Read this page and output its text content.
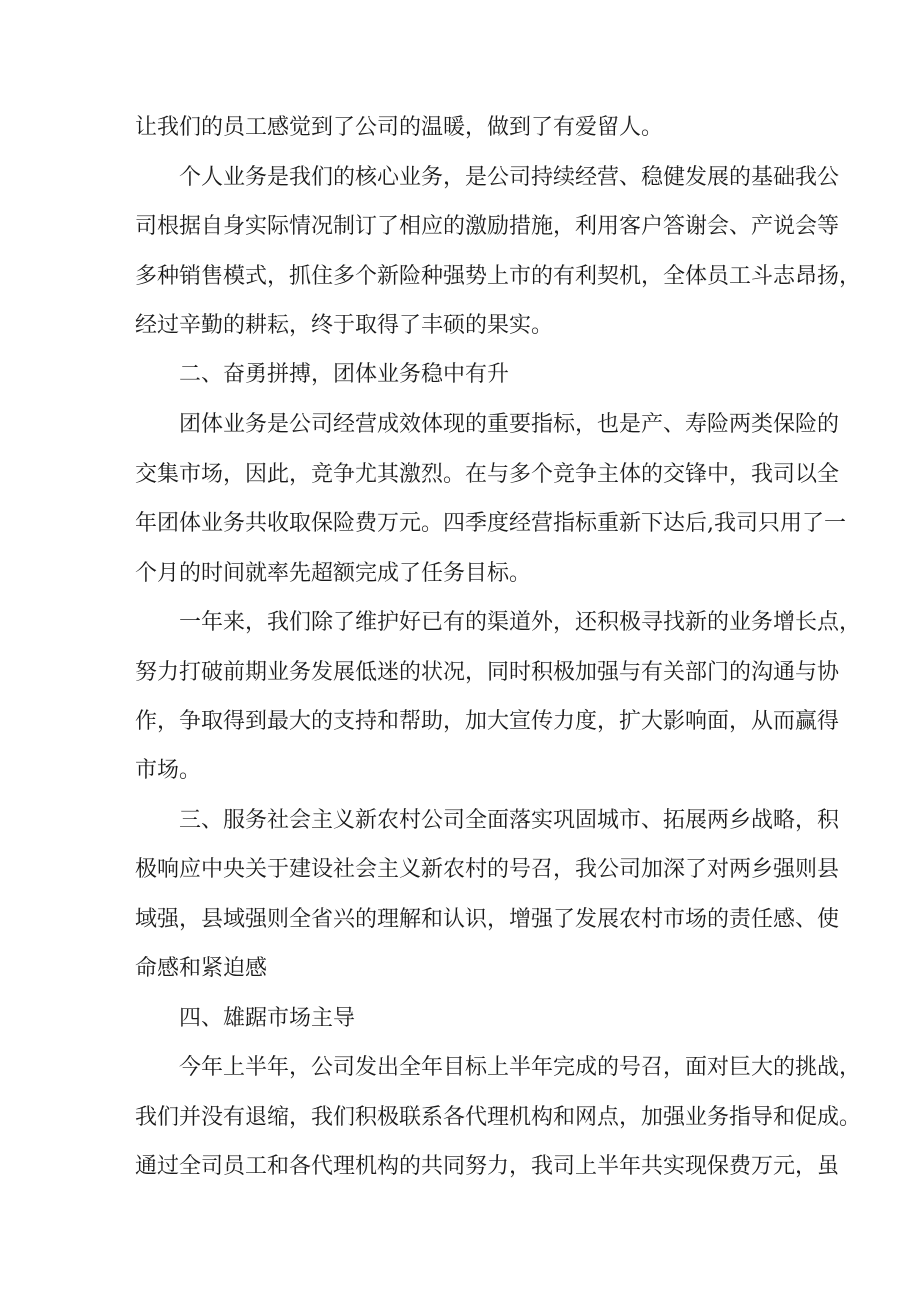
让我们的员工感觉到了公司的温暖，做到了有爱留人。
个人业务是我们的核心业务，是公司持续经营、稳健发展的基础我公
司根据自身实际情况制订了相应的激励措施，利用客户答谢会、产说会等
多种销售模式，抓住多个新险种强势上市的有利契机，全体员工斗志昂扬，
经过辛勤的耕耘，终于取得了丰硕的果实。
二、奋勇拼搏，团体业务稳中有升
团体业务是公司经营成效体现的重要指标，也是产、寿险两类保险的
交集市场，因此，竞争尤其激烈。在与多个竞争主体的交锋中，我司以全
年团体业务共收取保险费万元。四季度经营指标重新下达后,我司只用了一
个月的时间就率先超额完成了任务目标。
一年来，我们除了维护好已有的渠道外，还积极寻找新的业务增长点，
努力打破前期业务发展低迷的状况，同时积极加强与有关部门的沟通与协
作，争取得到最大的支持和帮助，加大宣传力度，扩大影响面，从而赢得
市场。
三、服务社会主义新农村公司全面落实巩固城市、拓展两乡战略，积
极响应中央关于建设社会主义新农村的号召，我公司加深了对两乡强则县
域强，县域强则全省兴的理解和认识，增强了发展农村市场的责任感、使
命感和紧迫感
四、雄踞市场主导
今年上半年，公司发出全年目标上半年完成的号召，面对巨大的挑战，
我们并没有退缩，我们积极联系各代理机构和网点，加强业务指导和促成。
通过全司员工和各代理机构的共同努力，我司上半年共实现保费万元，虽
